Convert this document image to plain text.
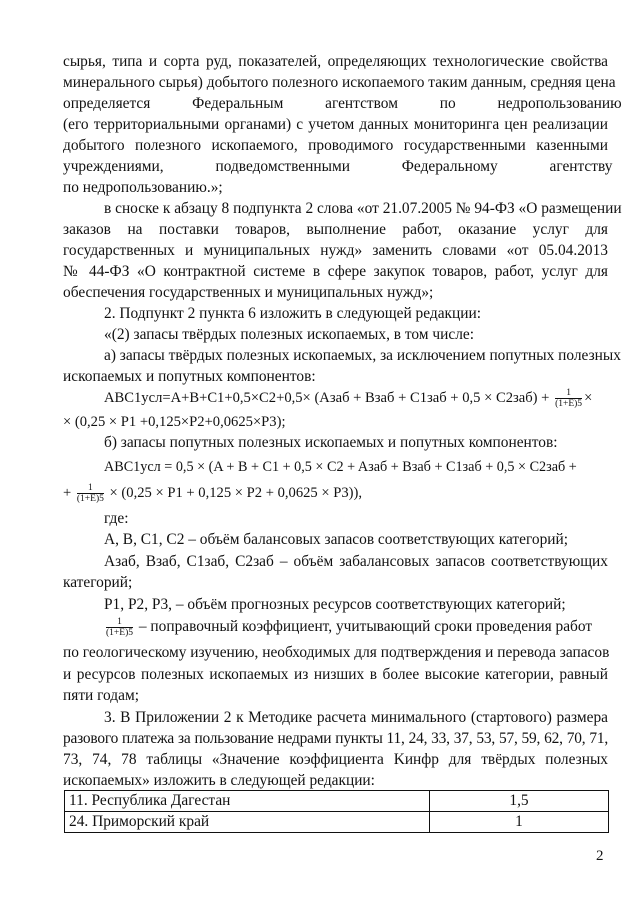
сырья, типа и сорта руд, показателей, определяющих технологические свойства
минерального сырья) добытого полезного ископаемого таким данным, средняя цена
определяется Федеральным агентством по недропользованию
(его территориальными органами) с учетом данных мониторинга цен реализации
добытого полезного ископаемого, проводимого государственными казенными
учреждениями, подведомственными Федеральному агентству
по недропользованию.»;
в сноске к абзацу 8 подпункта 2 слова «от 21.07.2005 № 94-ФЗ «О размещении
заказов на поставки товаров, выполнение работ, оказание услуг для
государственных и муниципальных нужд» заменить словами «от 05.04.2013
№ 44-ФЗ «О контрактной системе в сфере закупок товаров, работ, услуг для
обеспечения государственных и муниципальных нужд»;
2. Подпункт 2 пункта 6 изложить в следующей редакции:
«(2) запасы твёрдых полезных ископаемых, в том числе:
а) запасы твёрдых полезных ископаемых, за исключением попутных полезных
ископаемых и попутных компонентов:
ABC1усл=A+B+C1+0,5×C2+0,5× (Aзаб + Bзаб + $C1заб + 0,5 \times C2заб) + \frac{1}{(1+E)5}$ ×
× (0,25 × P1 +0,125×P2+0,0625×P3);
б) запасы попутных полезных ископаемых и попутных компонентов:
ABC1усл = 0,5 × (A + B + C1 + 0,5 × C2 + Aзаб + Bзаб + C1заб + 0,5 × C2заб +
+ $\frac{1}{(1+E)5} \times (0,25 \times P1 + 0,125 \times P2 + 0,0625 \times P3)$),
где:
A, B, C1, C2 – объём балансовых запасов соответствующих категорий;
Aзаб, Bзаб, C1заб, C2заб – объём забалансовых запасов соответствующих
категорий;
P1, P2, P3, – объём прогнозных ресурсов соответствующих категорий;
$\frac{1}{(1+E)5}$ – поправочный коэффициент, учитывающий сроки проведения работ
по геологическому изучению, необходимых для подтверждения и перевода запасов
и ресурсов полезных ископаемых из низших в более высокие категории, равный
пяти годам;
3. В Приложении 2 к Методике расчета минимального (стартового) размера
разового платежа за пользование недрами пункты 11, 24, 33, 37, 53, 57, 59, 62, 70, 71,
73, 74, 78 таблицы «Значение коэффициента Kинфр для твёрдых полезных
ископаемых» изложить в следующей редакции:
11. Республика Дагестан	1,5
24. Приморский край	1
2
